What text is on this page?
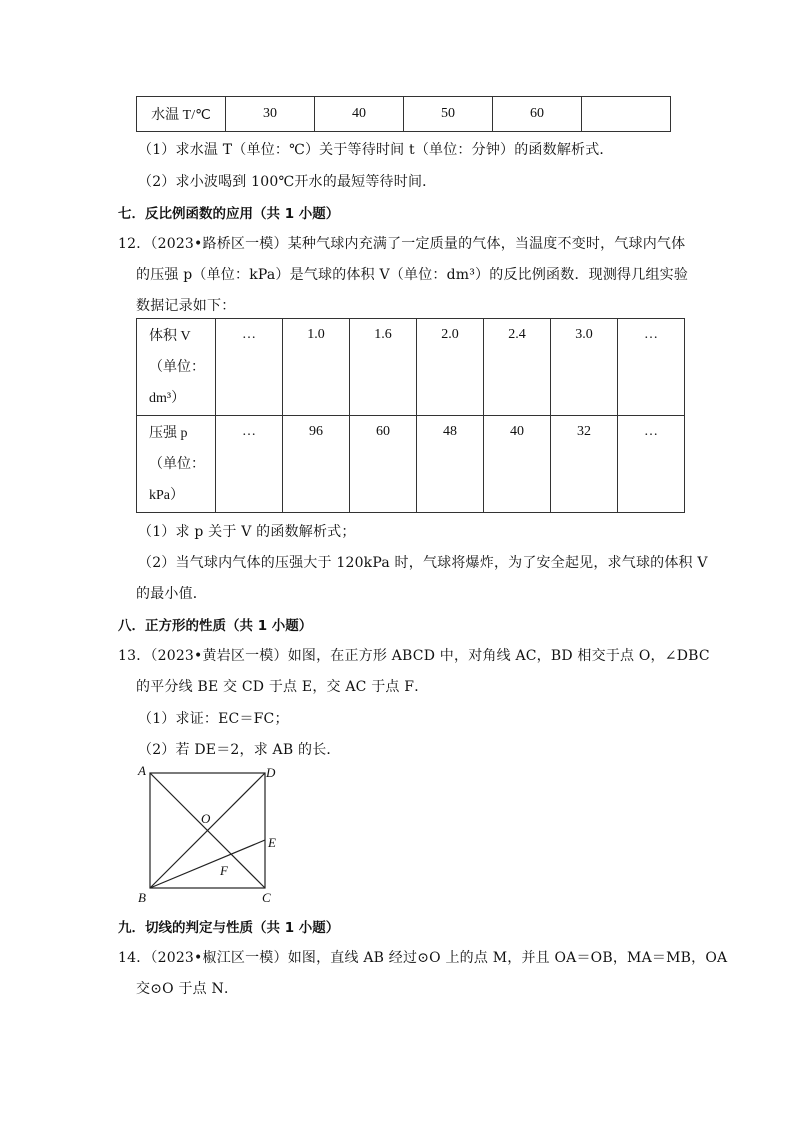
水温 T/℃	30	40	50	60	
（1）求水温 T（单位：℃）关于等待时间 t（单位：分钟）的函数解析式．
（2）求小波喝到 100℃开水的最短等待时间．
七．反比例函数的应用（共 1 小题）
12．（2023•路桥区一模）某种气球内充满了一定质量的气体，当温度不变时，气球内气体
的压强 p（单位：kPa）是气球的体积 V（单位：dm³）的反比例函数．现测得几组实验
数据记录如下：
体积 V
（单位：
dm³）	…	1.0	1.6	2.0	2.4	3.0	…

压强 p
（单位：
kPa）	…	96	60	48	40	32	…
（1）求 p 关于 V 的函数解析式；
（2）当气球内气体的压强大于 120kPa 时，气球将爆炸，为了安全起见，求气球的体积 V
的最小值．
八．正方形的性质（共 1 小题）
13．（2023•黄岩区一模）如图，在正方形 ABCD 中，对角线 AC，BD 相交于点 O，∠DBC
的平分线 BE 交 CD 于点 E，交 AC 于点 F．
（1）求证：EC＝FC；
（2）若 DE＝2，求 AB 的长．
A	D
O
E
F
B	C
九．切线的判定与性质（共 1 小题）
14．（2023•椒江区一模）如图，直线 AB 经过⊙O 上的点 M，并且 OA＝OB，MA＝MB，OA
交⊙O 于点 N．
